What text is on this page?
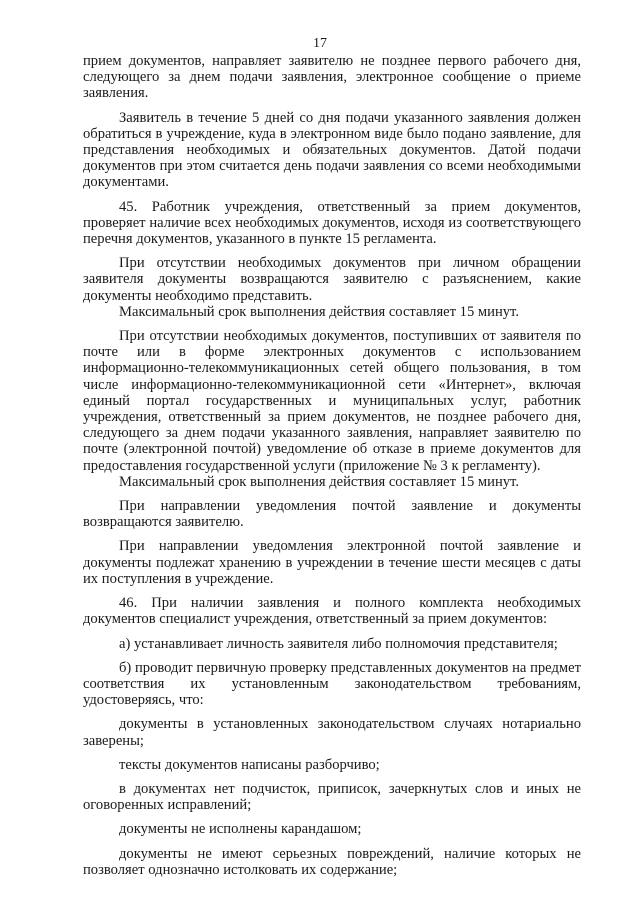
17

прием документов, направляет заявителю не позднее первого рабочего дня, следующего за днем подачи заявления, электронное сообщение о приеме заявления.

Заявитель в течение 5 дней со дня подачи указанного заявления должен обратиться в учреждение, куда в электронном виде было подано заявление, для представления необходимых и обязательных документов. Датой подачи документов при этом считается день подачи заявления со всеми необходимыми документами.

45. Работник учреждения, ответственный за прием документов, проверяет наличие всех необходимых документов, исходя из соответствующего перечня документов, указанного в пункте 15 регламента.

При отсутствии необходимых документов при личном обращении заявителя документы возвращаются заявителю с разъяснением, какие документы необходимо представить.

Максимальный срок выполнения действия составляет 15 минут.

При отсутствии необходимых документов, поступивших от заявителя по почте или в форме электронных документов с использованием информационно-телекоммуникационных сетей общего пользования, в том числе информационно-телекоммуникационной сети «Интернет», включая единый портал государственных и муниципальных услуг, работник учреждения, ответственный за прием документов, не позднее рабочего дня, следующего за днем подачи указанного заявления, направляет заявителю по почте (электронной почтой) уведомление об отказе в приеме документов для предоставления государственной услуги (приложение № 3 к регламенту).

Максимальный срок выполнения действия составляет 15 минут.

При направлении уведомления почтой заявление и документы возвращаются заявителю.

При направлении уведомления электронной почтой заявление и документы подлежат хранению в учреждении в течение шести месяцев с даты их поступления в учреждение.

46. При наличии заявления и полного комплекта необходимых документов специалист учреждения, ответственный за прием документов:

а) устанавливает личность заявителя либо полномочия представителя;

б) проводит первичную проверку представленных документов на предмет соответствия их установленным законодательством требованиям, удостоверяясь, что:

документы в установленных законодательством случаях нотариально заверены;

тексты документов написаны разборчиво;

в документах нет подчисток, приписок, зачеркнутых слов и иных не оговоренных исправлений;

документы не исполнены карандашом;

документы не имеют серьезных повреждений, наличие которых не позволяет однозначно истолковать их содержание;
